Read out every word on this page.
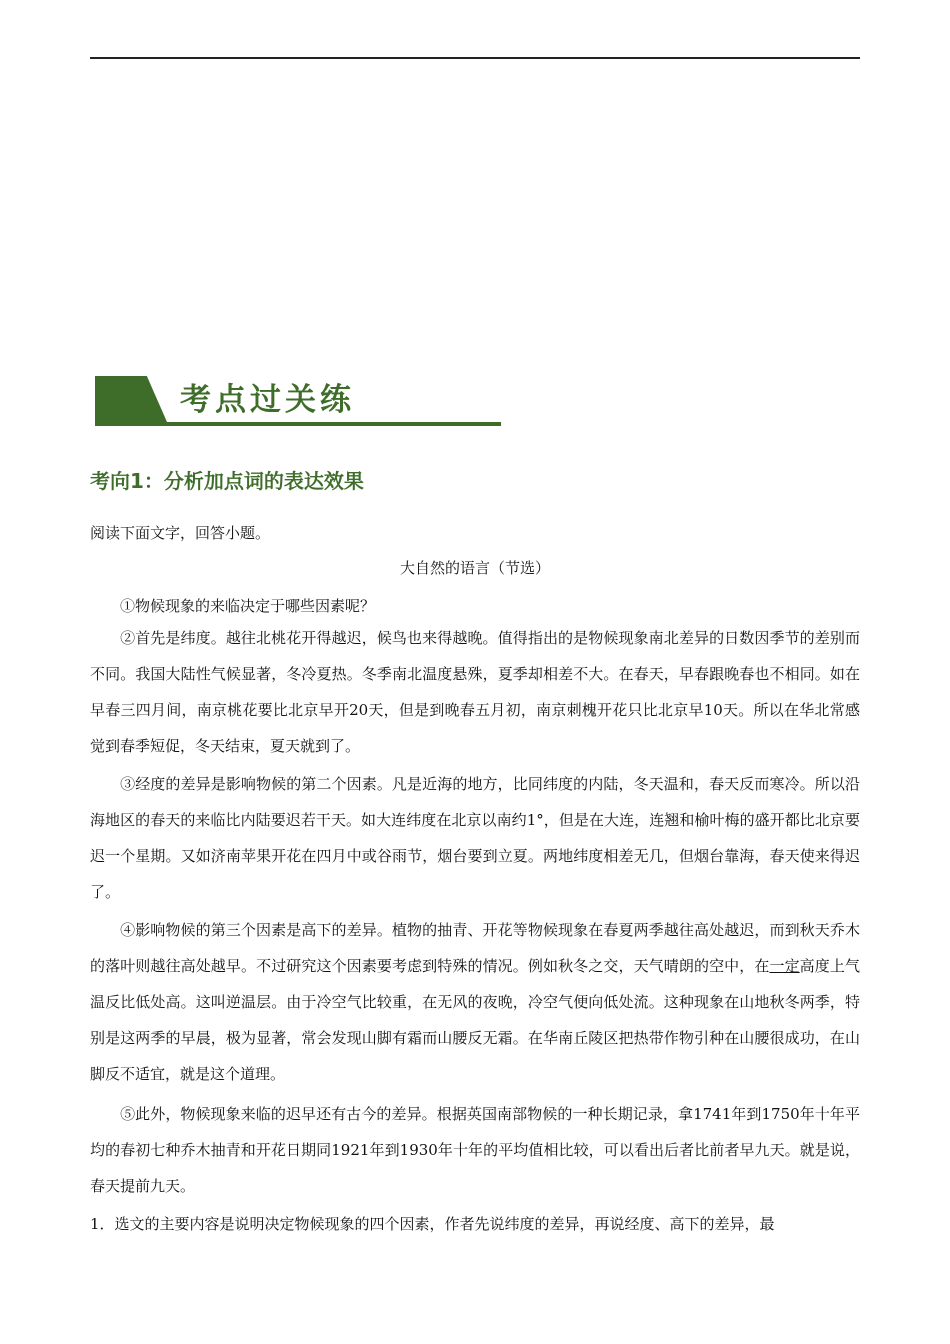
考点过关练
考向1：分析加点词的表达效果
阅读下面文字，回答小题。
大自然的语言（节选）
①物候现象的来临决定于哪些因素呢？
②首先是纬度。越往北桃花开得越迟，候鸟也来得越晚。值得指出的是物候现象南北差异的日数因季节的差别而不同。我国大陆性气候显著，冬冷夏热。冬季南北温度悬殊，夏季却相差不大。在春天，早春跟晚春也不相同。如在早春三四月间，南京桃花要比北京早开20天，但是到晚春五月初，南京刺槐开花只比北京早10天。所以在华北常感觉到春季短促，冬天结束，夏天就到了。
③经度的差异是影响物候的第二个因素。凡是近海的地方，比同纬度的内陆，冬天温和，春天反而寒冷。所以沿海地区的春天的来临比内陆要迟若干天。如大连纬度在北京以南约1°，但是在大连，连翘和榆叶梅的盛开都比北京要迟一个星期。又如济南苹果开花在四月中或谷雨节，烟台要到立夏。两地纬度相差无几，但烟台靠海，春天使来得迟了。
④影响物候的第三个因素是高下的差异。植物的抽青、开花等物候现象在春夏两季越往高处越迟，而到秋天乔木的落叶则越往高处越早。不过研究这个因素要考虑到特殊的情况。例如秋冬之交，天气晴朗的空中，在一定高度上气温反比低处高。这叫逆温层。由于冷空气比较重，在无风的夜晚，冷空气便向低处流。这种现象在山地秋冬两季，特别是这两季的早晨，极为显著，常会发现山脚有霜而山腰反无霜。在华南丘陵区把热带作物引种在山腰很成功，在山脚反不适宜，就是这个道理。
⑤此外，物候现象来临的迟早还有古今的差异。根据英国南部物候的一种长期记录，拿1741年到1750年十年平均的春初七种乔木抽青和开花日期同1921年到1930年十年的平均值相比较，可以看出后者比前者早九天。就是说，春天提前九天。
1．选文的主要内容是说明决定物候现象的四个因素，作者先说纬度的差异，再说经度、高下的差异，最
